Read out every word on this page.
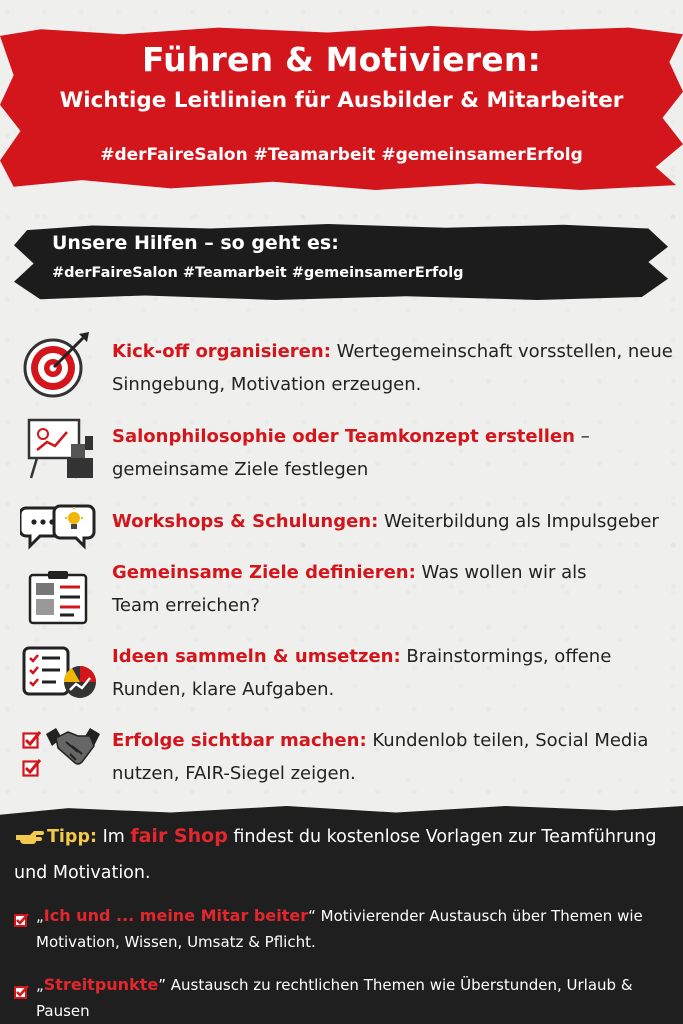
Führen & Motivieren:
Wichtige Leitlinien für Ausbilder & Mitarbeiter
#derFaireSalon #Teamarbeit #gemeinsamerErfolg
Unsere Hilfen – so geht es:
#derFaireSalon #Teamarbeit #gemeinsamerErfolg
Kick-off organisieren: Wertegemeinschaft vorsstellen, neue Sinngebung, Motivation erzeugen.
Salonphilosophie oder Teamkonzept erstellen – gemeinsame Ziele festlegen
Workshops & Schulungen: Weiterbildung als Impulsgeber
Gemeinsame Ziele definieren: Was wollen wir als Team erreichen?
Ideen sammeln & umsetzen: Brainstormings, offene Runden, klare Aufgaben.
Erfolge sichtbar machen: Kundenlob teilen, Social Media nutzen, FAIR-Siegel zeigen.
Tipp: Im fair Shop findest du kostenlose Vorlagen zur Teamführung und Motivation.
„Ich und ... meine Mitar beiter“ Motivierender Austausch über Themen wie Motivation, Wissen, Umsatz & Pflicht.
„Streitpunkte” Austausch zu rechtlichen Themen wie Überstunden, Urlaub & Pausen
